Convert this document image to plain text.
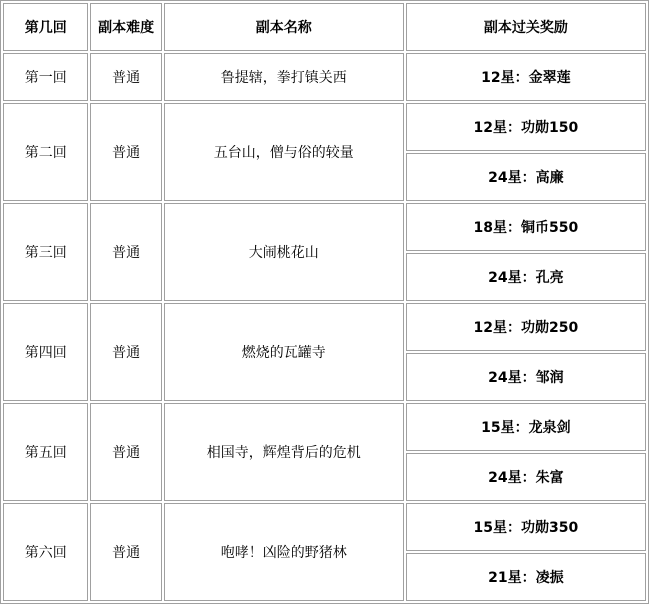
第几回	副本难度	副本名称	副本过关奖励
第一回	普通	鲁提辖，拳打镇关西	12星：金翠莲
第二回	普通	五台山，僧与俗的较量	12星：功勋150
			24星：高廉
第三回	普通	大闹桃花山	18星：铜币550
			24星：孔亮
第四回	普通	燃烧的瓦罐寺	12星：功勋250
			24星：邹润
第五回	普通	相国寺，辉煌背后的危机	15星：龙泉剑
			24星：朱富
第六回	普通	咆哮！凶险的野猪林	15星：功勋350
			21星：凌振
